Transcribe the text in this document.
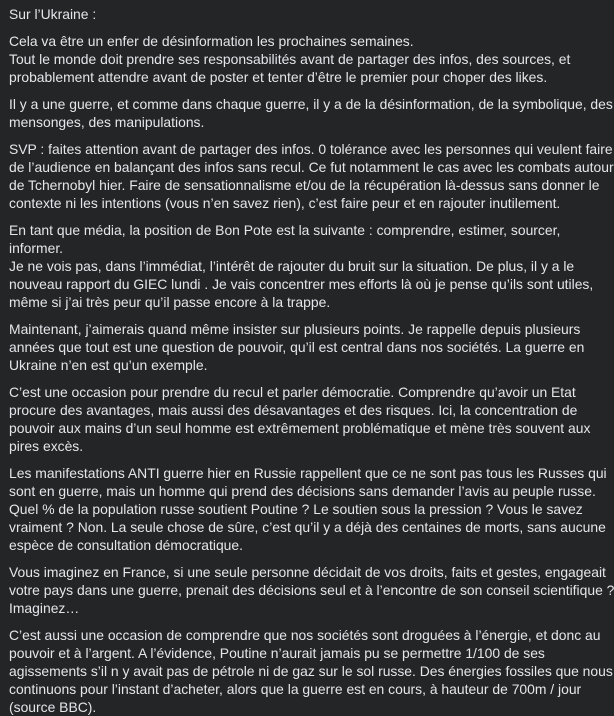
Sur l’Ukraine :
Cela va être un enfer de désinformation les prochaines semaines.
Tout le monde doit prendre ses responsabilités avant de partager des infos, des sources, et
probablement attendre avant de poster et tenter d’être le premier pour choper des likes.
Il y a une guerre, et comme dans chaque guerre, il y a de la désinformation, de la symbolique, des
mensonges, des manipulations.
SVP : faites attention avant de partager des infos. 0 tolérance avec les personnes qui veulent faire
de l’audience en balançant des infos sans recul. Ce fut notamment le cas avec les combats autour
de Tchernobyl hier. Faire de sensationnalisme et/ou de la récupération là-dessus sans donner le
contexte ni les intentions (vous n’en savez rien), c’est faire peur et en rajouter inutilement.
En tant que média, la position de Bon Pote est la suivante : comprendre, estimer, sourcer,
informer.
Je ne vois pas, dans l’immédiat, l’intérêt de rajouter du bruit sur la situation. De plus, il y a le
nouveau rapport du GIEC lundi . Je vais concentrer mes efforts là où je pense qu’ils sont utiles,
même si j’ai très peur qu’il passe encore à la trappe.
Maintenant, j’aimerais quand même insister sur plusieurs points. Je rappelle depuis plusieurs
années que tout est une question de pouvoir, qu’il est central dans nos sociétés. La guerre en
Ukraine n’en est qu’un exemple.
C’est une occasion pour prendre du recul et parler démocratie. Comprendre qu’avoir un Etat
procure des avantages, mais aussi des désavantages et des risques. Ici, la concentration de
pouvoir aux mains d’un seul homme est extrêmement problématique et mène très souvent aux
pires excès.
Les manifestations ANTI guerre hier en Russie rappellent que ce ne sont pas tous les Russes qui
sont en guerre, mais un homme qui prend des décisions sans demander l’avis au peuple russe.
Quel % de la population russe soutient Poutine ? Le soutien sous la pression ? Vous le savez
vraiment ? Non. La seule chose de sûre, c’est qu’il y a déjà des centaines de morts, sans aucune
espèce de consultation démocratique.
Vous imaginez en France, si une seule personne décidait de vos droits, faits et gestes, engageait
votre pays dans une guerre, prenait des décisions seul et à l’encontre de son conseil scientifique ?
Imaginez…
C’est aussi une occasion de comprendre que nos sociétés sont droguées à l’énergie, et donc au
pouvoir et à l’argent. A l’évidence, Poutine n’aurait jamais pu se permettre 1/100 de ses
agissements s’il n y avait pas de pétrole ni de gaz sur le sol russe. Des énergies fossiles que nous
continuons pour l’instant d’acheter, alors que la guerre est en cours, à hauteur de 700m / jour
(source BBC).
